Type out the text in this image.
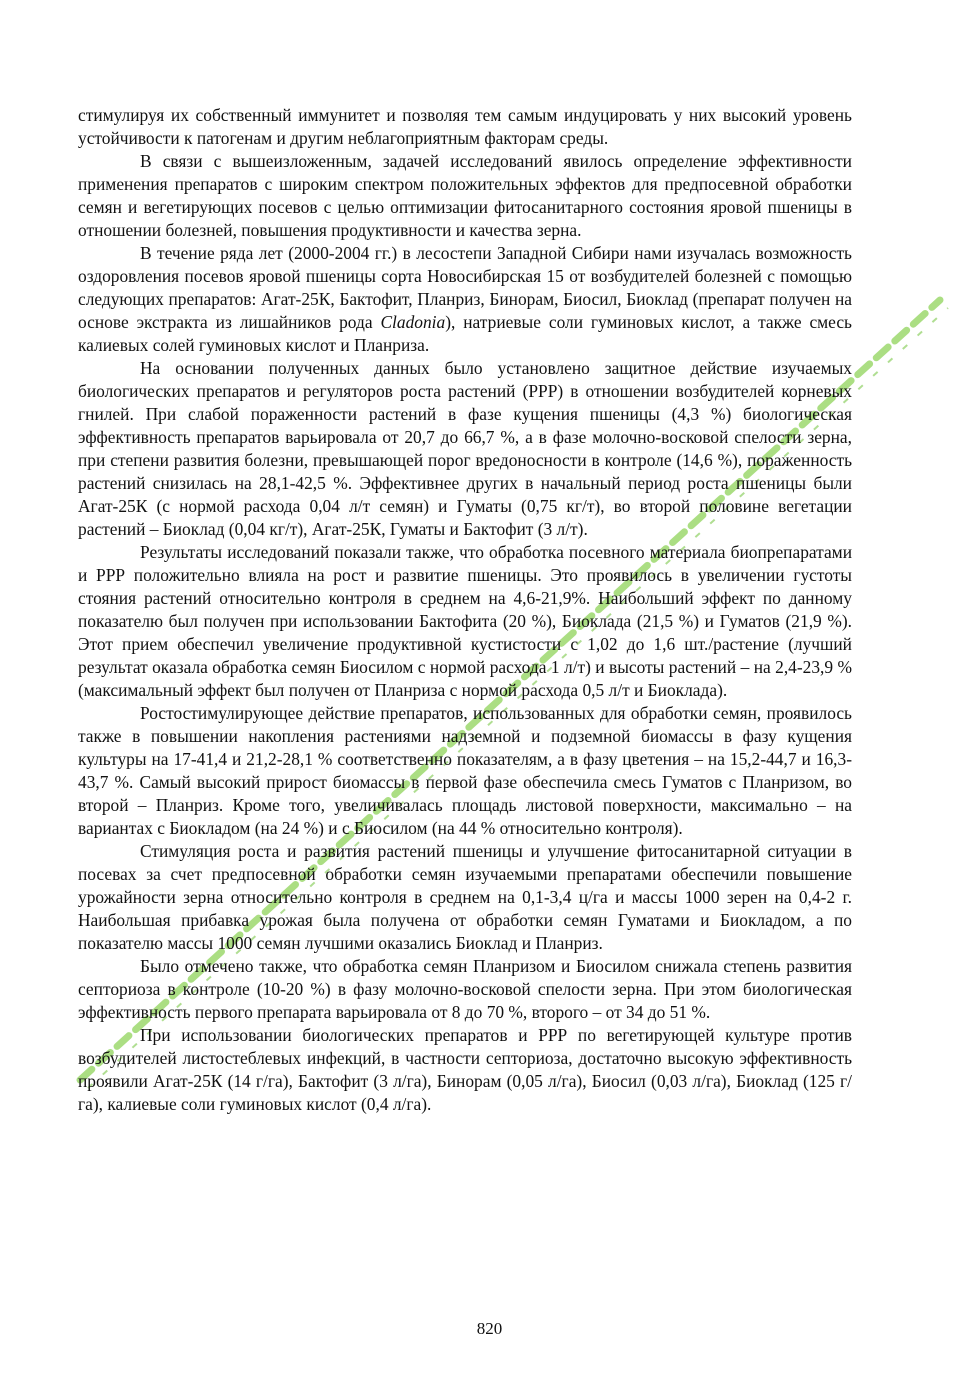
стимулируя их собственный иммунитет и позволяя тем самым индуцировать у них высокий уровень устойчивости к патогенам и другим неблагоприятным факторам среды.

В связи с вышеизложенным, задачей исследований явилось определение эффективности применения препаратов с широким спектром положительных эффектов для предпосевной обработки семян и вегетирующих посевов с целью оптимизации фитосанитарного состояния яровой пшеницы в отношении болезней, повышения продуктивности и качества зерна.

В течение ряда лет (2000-2004 гг.) в лесостепи Западной Сибири нами изучалась возможность оздоровления посевов яровой пшеницы сорта Новосибирская 15 от возбудителей болезней с помощью следующих препаратов: Агат-25К, Бактофит, Планриз, Бинорам, Биосил, Биоклад (препарат получен на основе экстракта из лишайников рода Cladonia), натриевые соли гуминовых кислот, а также смесь калиевых солей гуминовых кислот и Планриза.

На основании полученных данных было установлено защитное действие изучаемых биологических препаратов и регуляторов роста растений (РРР) в отношении возбудителей корневых гнилей. При слабой пораженности растений в фазе кущения пшеницы (4,3 %) биологическая эффективность препаратов варьировала от 20,7 до 66,7 %, а в фазе молочно-восковой спелости зерна, при степени развития болезни, превышающей порог вредоносности в контроле (14,6 %), пораженность растений снизилась на 28,1-42,5 %. Эффективнее других в начальный период роста пшеницы были Агат-25К (с нормой расхода 0,04 л/т семян) и Гуматы (0,75 кг/т), во второй половине вегетации растений – Биоклад (0,04 кг/т), Агат-25К, Гуматы и Бактофит (3 л/т).

Результаты исследований показали также, что обработка посевного материала биопрепаратами и РРР положительно влияла на рост и развитие пшеницы. Это проявилось в увеличении густоты стояния растений относительно контроля в среднем на 4,6-21,9%. Наибольший эффект по данному показателю был получен при использовании Бактофита (20 %), Биоклада (21,5 %) и Гуматов (21,9 %). Этот прием обеспечил увеличение продуктивной кустистости с 1,02 до 1,6 шт./растение (лучший результат оказала обработка семян Биосилом с нормой расхода 1 л/т) и высоты растений – на 2,4-23,9 % (максимальный эффект был получен от Планриза с нормой расхода 0,5 л/т и Биоклада).

Ростостимулирующее действие препаратов, использованных для обработки семян, проявилось также в повышении накопления растениями надземной и подземной биомассы в фазу кущения культуры на 17-41,4 и 21,2-28,1 % соответственно показателям, а в фазу цветения – на 15,2-44,7 и 16,3-43,7 %. Самый высокий прирост биомассы в первой фазе обеспечила смесь Гуматов с Планризом, во второй – Планриз. Кроме того, увеличивалась площадь листовой поверхности, максимально – на вариантах с Биокладом (на 24 %) и с Биосилом (на 44 % относительно контроля).

Стимуляция роста и развития растений пшеницы и улучшение фитосанитарной ситуации в посевах за счет предпосевной обработки семян изучаемыми препаратами обеспечили повышение урожайности зерна относительно контроля в среднем на 0,1-3,4 ц/га и массы 1000 зерен на 0,4-2 г. Наибольшая прибавка урожая была получена от обработки семян Гуматами и Биокладом, а по показателю массы 1000 семян лучшими оказались Биоклад и Планриз.

Было отмечено также, что обработка семян Планризом и Биосилом снижала степень развития септориоза в контроле (10-20 %) в фазу молочно-восковой спелости зерна. При этом биологическая эффективность первого препарата варьировала от 8 до 70 %, второго – от 34 до 51 %.

При использовании биологических препаратов и РРР по вегетирующей культуре против возбудителей листостеблевых инфекций, в частности септориоза, достаточно высокую эффективность проявили Агат-25К (14 г/га), Бактофит (3 л/га), Бинорам (0,05 л/га), Биосил (0,03 л/га), Биоклад (125 г/га), калиевые соли гуминовых кислот (0,4 л/га).

820
